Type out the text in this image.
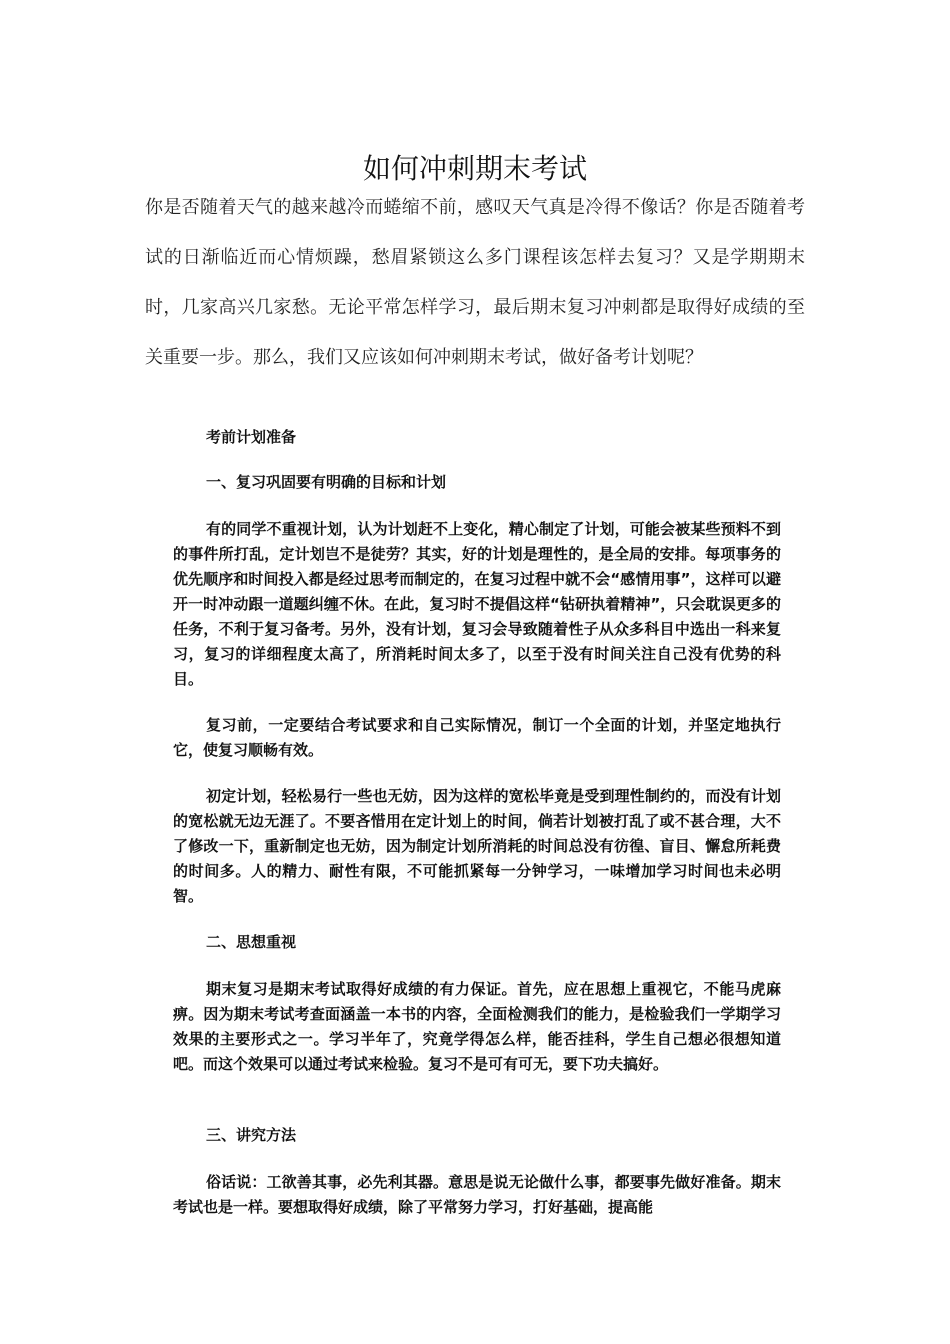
如何冲刺期末考试

你是否随着天气的越来越冷而蜷缩不前，感叹天气真是冷得不像话？你是否随着考试的日渐临近而心情烦躁，愁眉紧锁这么多门课程该怎样去复习？又是学期期末时，几家高兴几家愁。无论平常怎样学习，最后期末复习冲刺都是取得好成绩的至关重要一步。那么，我们又应该如何冲刺期末考试，做好备考计划呢？

考前计划准备

一、复习巩固要有明确的目标和计划

有的同学不重视计划，认为计划赶不上变化，精心制定了计划，可能会被某些预料不到的事件所打乱，定计划岂不是徒劳？其实，好的计划是理性的，是全局的安排。每项事务的优先顺序和时间投入都是经过思考而制定的，在复习过程中就不会“感情用事”，这样可以避开一时冲动跟一道题纠缠不休。在此，复习时不提倡这样“钻研执着精神”，只会耽误更多的任务，不利于复习备考。另外，没有计划，复习会导致随着性子从众多科目中选出一科来复习，复习的详细程度太高了，所消耗时间太多了，以至于没有时间关注自己没有优势的科目。

复习前，一定要结合考试要求和自己实际情况，制订一个全面的计划，并坚定地执行它，使复习顺畅有效。

初定计划，轻松易行一些也无妨，因为这样的宽松毕竟是受到理性制约的，而没有计划的宽松就无边无涯了。不要吝惜用在定计划上的时间，倘若计划被打乱了或不甚合理，大不了修改一下，重新制定也无妨，因为制定计划所消耗的时间总没有彷徨、盲目、懈怠所耗费的时间多。人的精力、耐性有限，不可能抓紧每一分钟学习，一味增加学习时间也未必明智。

二、思想重视

期末复习是期末考试取得好成绩的有力保证。首先，应在思想上重视它，不能马虎麻痹。因为期末考试考查面涵盖一本书的内容，全面检测我们的能力，是检验我们一学期学习效果的主要形式之一。学习半年了，究竟学得怎么样，能否挂科，学生自己想必很想知道吧。而这个效果可以通过考试来检验。复习不是可有可无，要下功夫搞好。

三、讲究方法

俗话说：工欲善其事，必先利其器。意思是说无论做什么事，都要事先做好准备。期末考试也是一样。要想取得好成绩，除了平常努力学习，打好基础，提高能
